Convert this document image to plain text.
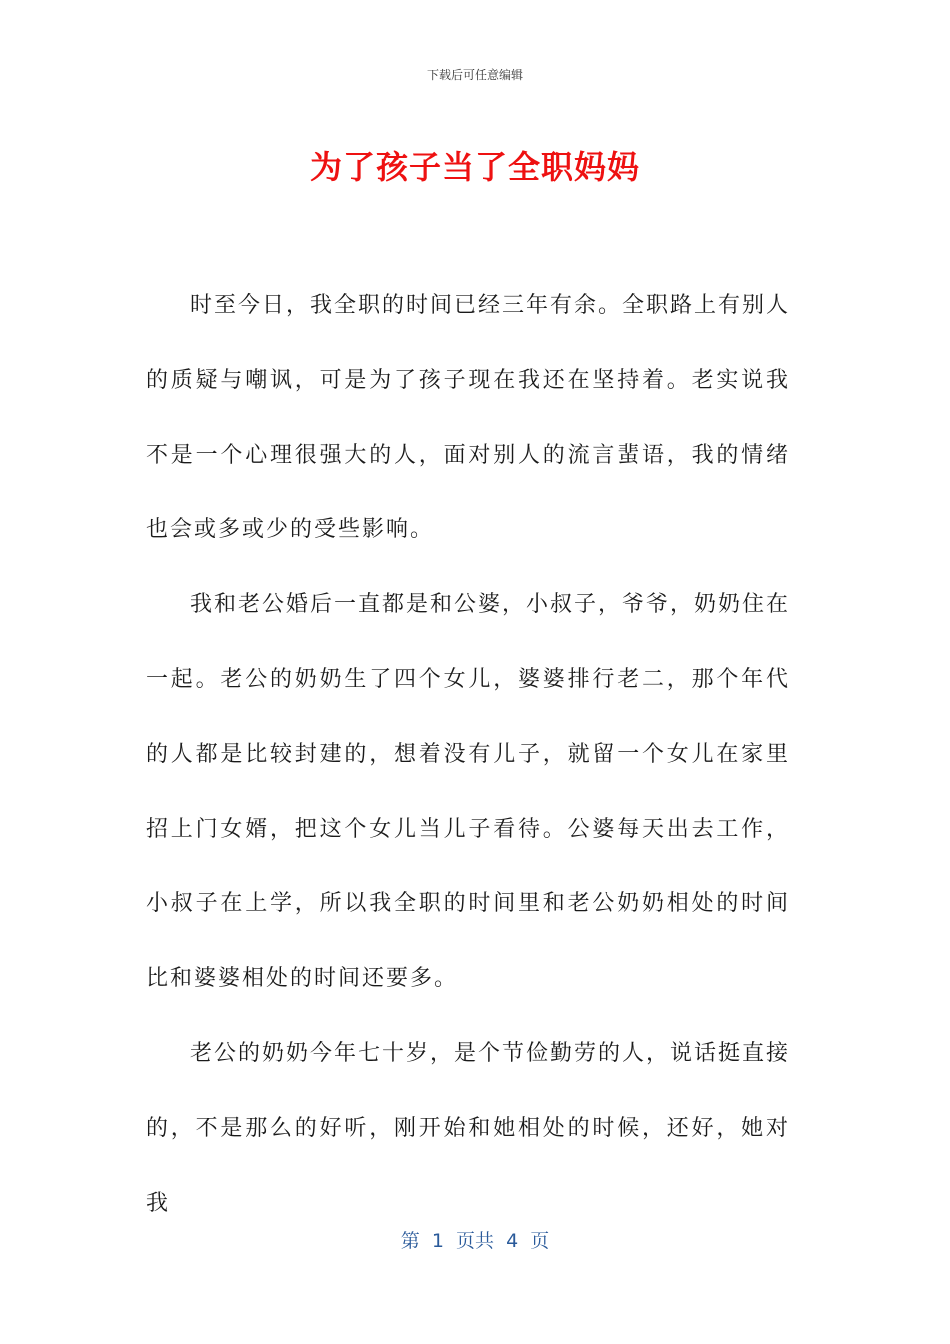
下载后可任意编辑
为了孩子当了全职妈妈

时至今日，我全职的时间已经三年有余。全职路上有别人的质疑与嘲讽，可是为了孩子现在我还在坚持着。老实说我不是一个心理很强大的人，面对别人的流言蜚语，我的情绪也会或多或少的受些影响。

我和老公婚后一直都是和公婆，小叔子，爷爷，奶奶住在一起。老公的奶奶生了四个女儿，婆婆排行老二，那个年代的人都是比较封建的，想着没有儿子，就留一个女儿在家里招上门女婿，把这个女儿当儿子看待。公婆每天出去工作，小叔子在上学，所以我全职的时间里和老公奶奶相处的时间比和婆婆相处的时间还要多。

老公的奶奶今年七十岁，是个节俭勤劳的人，说话挺直接的，不是那么的好听，刚开始和她相处的时候，还好，她对我

第  1  页共  4  页
